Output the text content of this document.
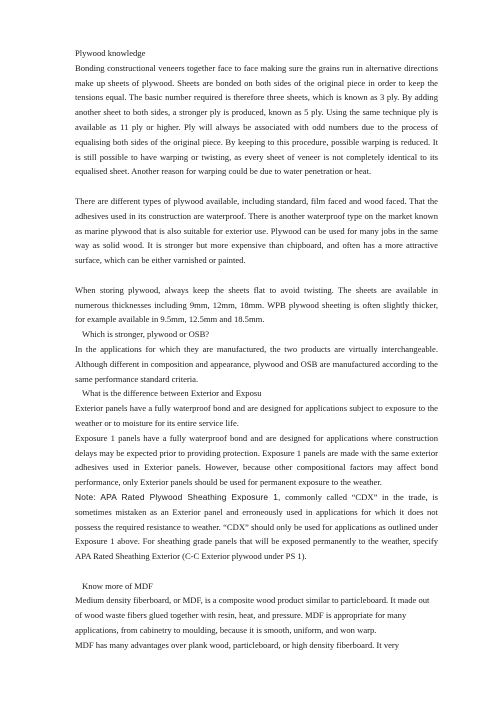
Plywood knowledge

Bonding constructional veneers together face to face making sure the grains run in alternative directions make up sheets of plywood. Sheets are bonded on both sides of the original piece in order to keep the tensions equal. The basic number required is therefore three sheets, which is known as 3 ply. By adding another sheet to both sides, a stronger ply is produced, known as 5 ply. Using the same technique ply is available as 11 ply or higher. Ply will always be associated with odd numbers due to the process of equalising both sides of the original piece. By keeping to this procedure, possible warping is reduced. It is still possible to have warping or twisting, as every sheet of veneer is not completely identical to its equalised sheet. Another reason for warping could be due to water penetration or heat.

There are different types of plywood available, including standard, film faced and wood faced. That the adhesives used in its construction are waterproof. There is another waterproof type on the market known as marine plywood that is also suitable for exterior use. Plywood can be used for many jobs in the same way as solid wood. It is stronger but more expensive than chipboard, and often has a more attractive surface, which can be either varnished or painted.

When storing plywood, always keep the sheets flat to avoid twisting. The sheets are available in numerous thicknesses including 9mm, 12mm, 18mm. WPB plywood sheeting is often slightly thicker, for example available in 9.5mm, 12.5mm and 18.5mm.

Which is stronger, plywood or OSB?

In the applications for which they are manufactured, the two products are virtually interchangeable. Although different in composition and appearance, plywood and OSB are manufactured according to the same performance standard criteria.

What is the difference between Exterior and Exposu

Exterior panels have a fully waterproof bond and are designed for applications subject to exposure to the weather or to moisture for its entire service life.

Exposure 1 panels have a fully waterproof bond and are designed for applications where construction delays may be expected prior to providing protection. Exposure 1 panels are made with the same exterior adhesives used in Exterior panels. However, because other compositional factors may affect bond performance, only Exterior panels should be used for permanent exposure to the weather.

Note: APA Rated Plywood Sheathing Exposure 1, commonly called “CDX” in the trade, is sometimes mistaken as an Exterior panel and erroneously used in applications for which it does not possess the required resistance to weather. “CDX” should only be used for applications as outlined under Exposure 1 above. For sheathing grade panels that will be exposed permanently to the weather, specify APA Rated Sheathing Exterior (C-C Exterior plywood under PS 1).

Know more of MDF

Medium density fiberboard, or MDF, is a composite wood product similar to particleboard. It made out of wood waste fibers glued together with resin, heat, and pressure. MDF is appropriate for many applications, from cabinetry to moulding, because it is smooth, uniform, and won warp.

MDF has many advantages over plank wood, particleboard, or high density fiberboard. It very
